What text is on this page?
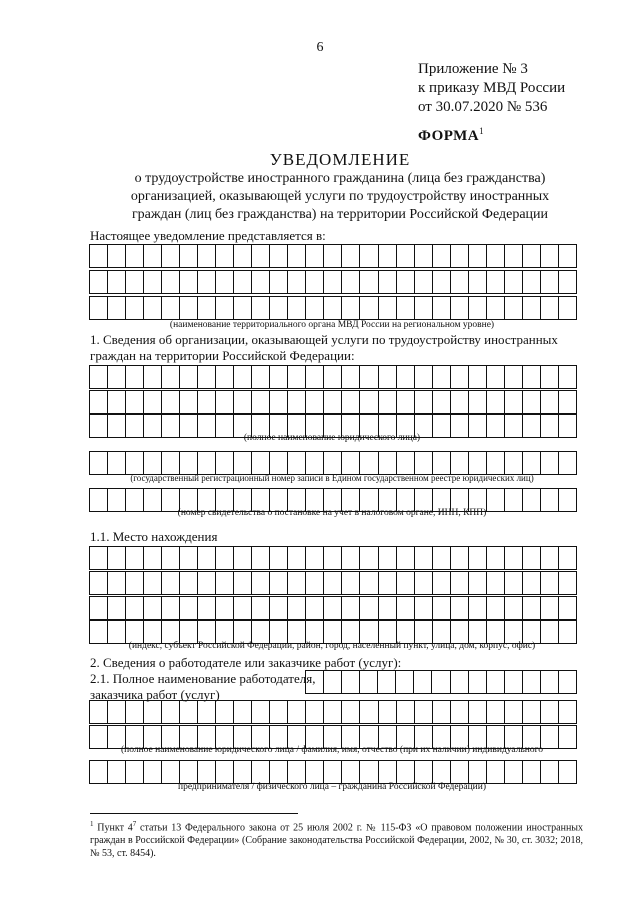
6
Приложение № 3
к приказу МВД России
от 30.07.2020 № 536
ФОРМА$^1$
УВЕДОМЛЕНИЕ
о трудоустройстве иностранного гражданина (лица без гражданства)
организацией, оказывающей услуги по трудоустройству иностранных
граждан (лиц без гражданства) на территории Российской Федерации
Настоящее уведомление представляется в:
(наименование территориального органа МВД России на региональном уровне)
1. Сведения об организации, оказывающей услуги по трудоустройству иностранных
граждан на территории Российской Федерации:
(полное наименование юридического лица)
(государственный регистрационный номер записи в Едином государственном реестре юридических лиц)
(номер свидетельства о постановке на учет в налоговом органе, ИНН, КПП)
1.1. Место нахождения
(индекс, субъект Российской Федерации, район, город, населенный пункт, улица, дом, корпус, офис)
2. Сведения о работодателе или заказчике работ (услуг):
2.1. Полное наименование работодателя,
заказчика работ (услуг)
(полное наименование юридического лица / фамилия, имя, отчество (при их наличии) индивидуального
предпринимателя / физического лица – гражданина Российской Федерации)
$^1$ Пункт $4^7$ статьи 13 Федерального закона от 25 июля 2002 г. № 115-ФЗ «О правовом положении иностранных граждан в Российской Федерации» (Собрание законодательства Российской Федерации, 2002, № 30, ст. 3032; 2018, № 53, ст. 8454).
